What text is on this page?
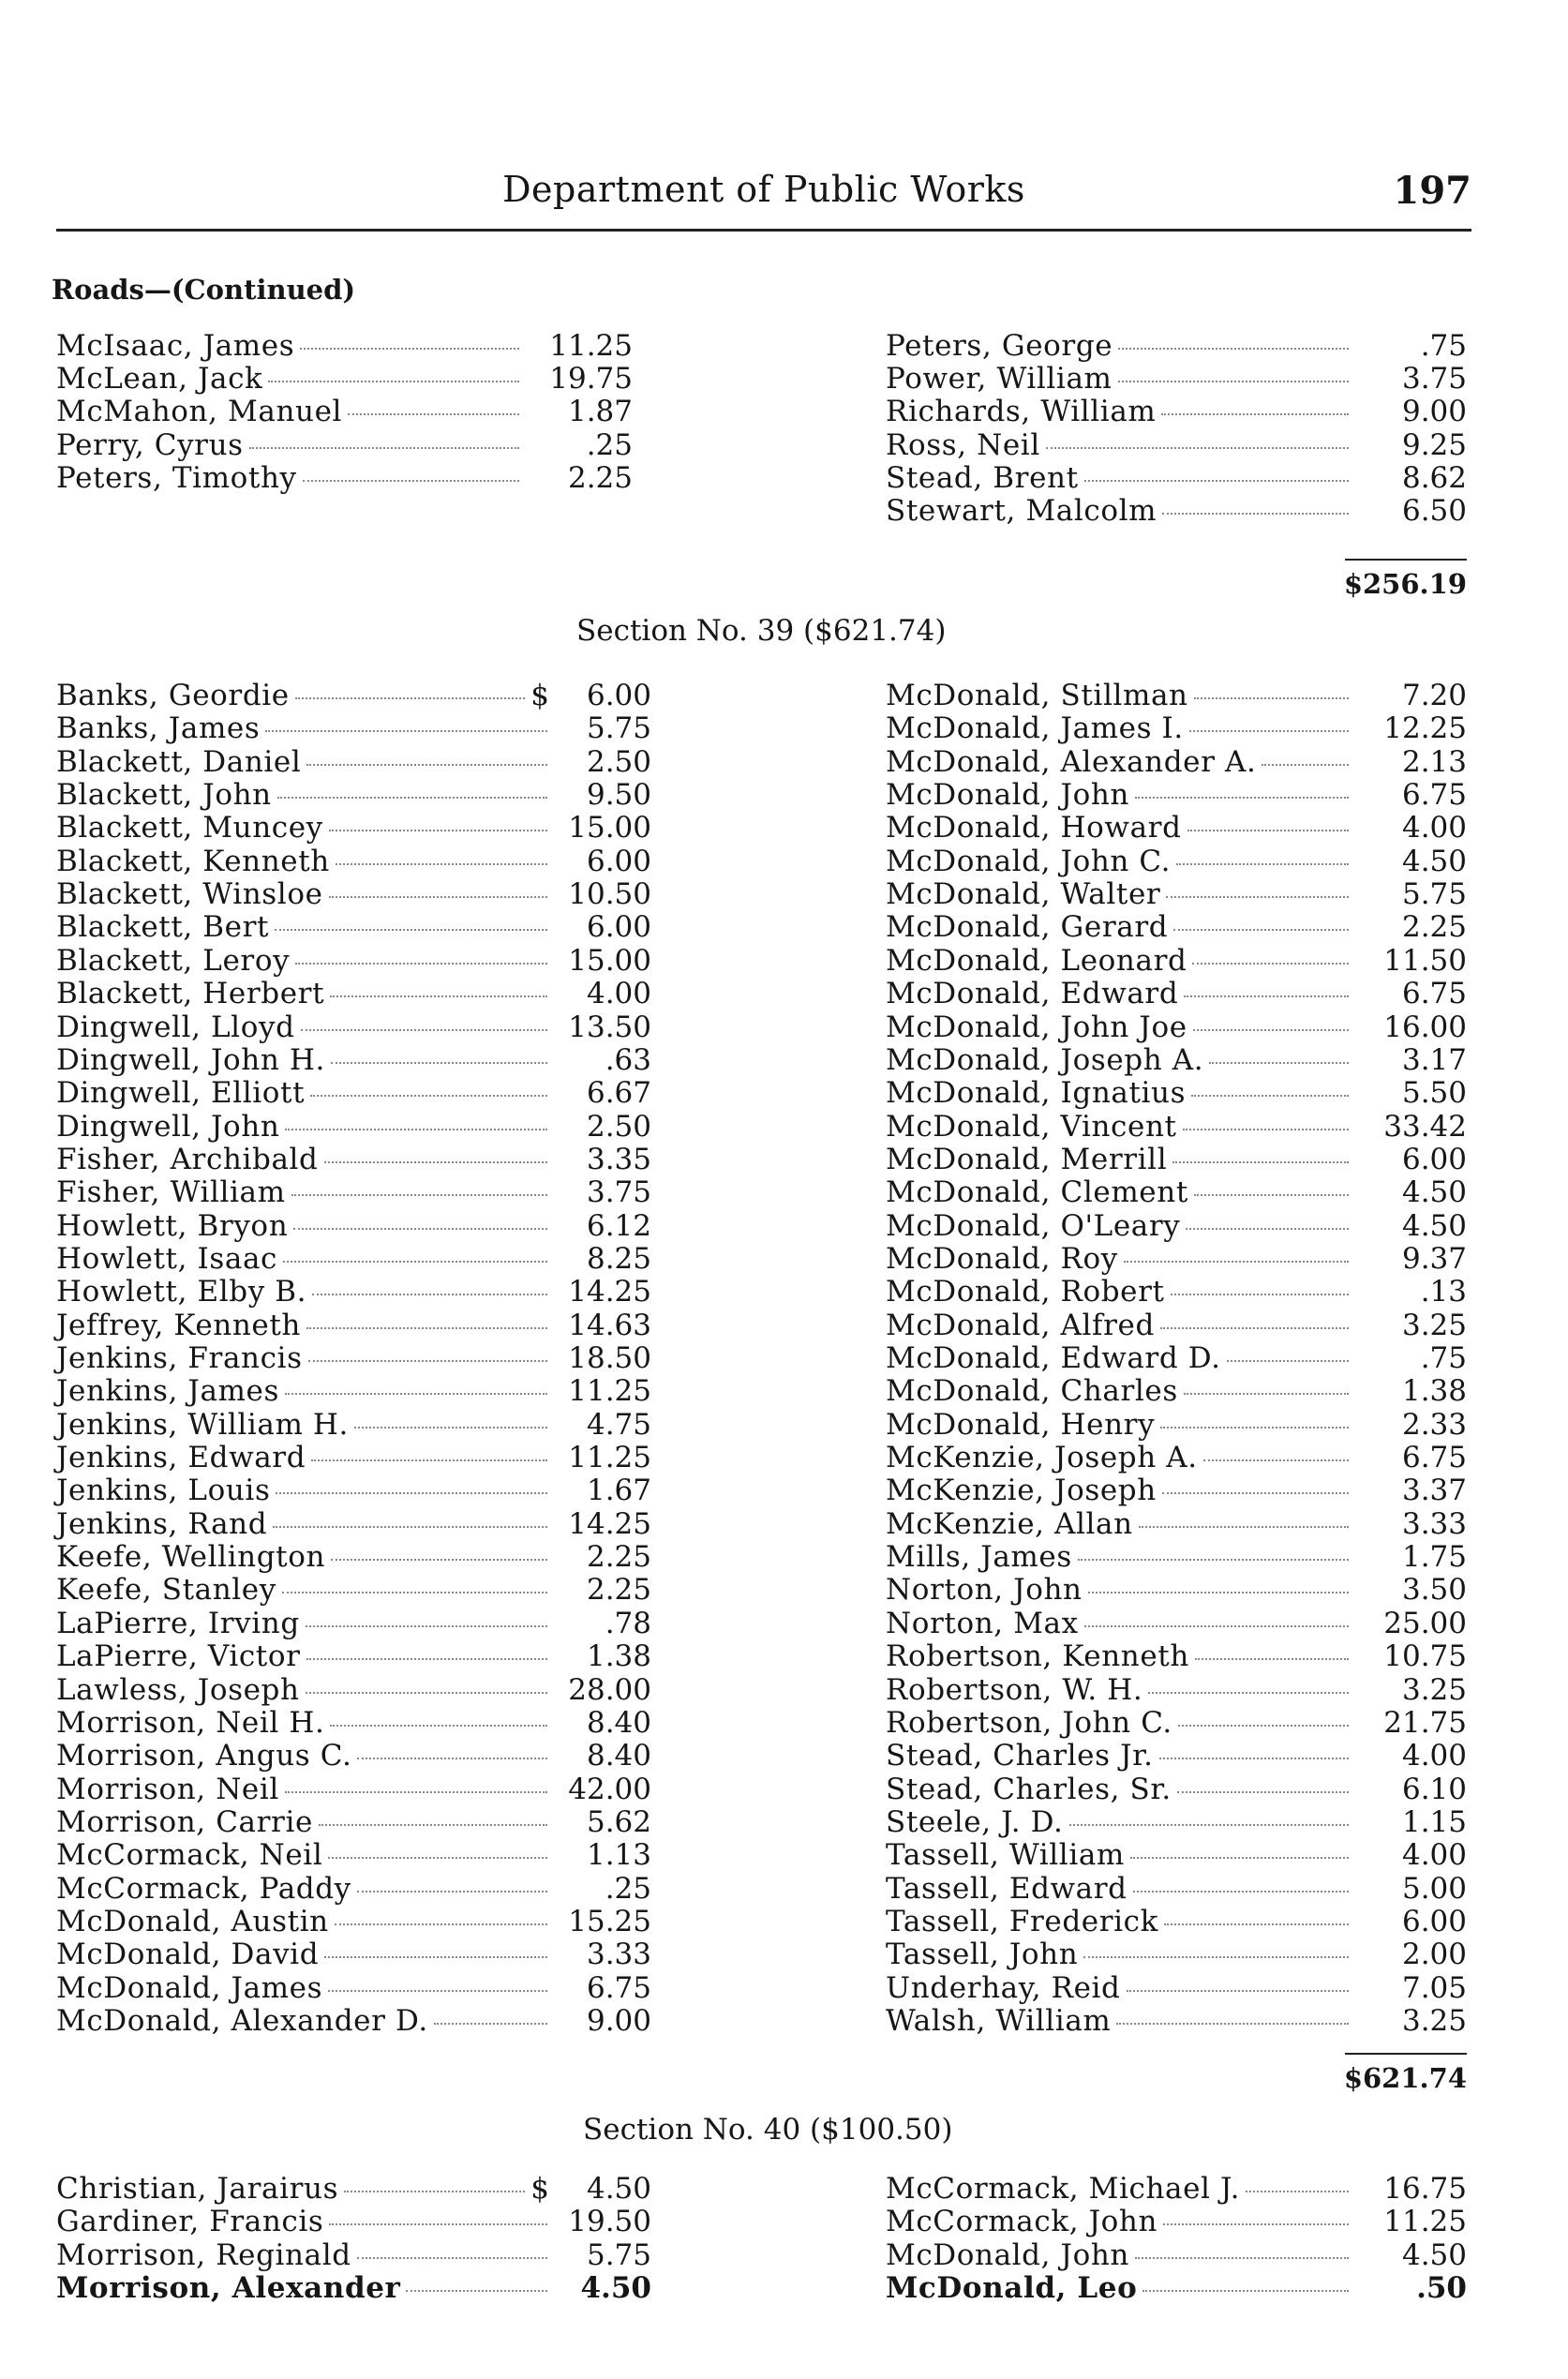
Department of Public Works	197
Roads—(Continued)
Section No. 39 ($621.74)
Section No. 40 ($100.50)
McIsaac, James	11.25
McLean, Jack	19.75
McMahon, Manuel	1.87
Perry, Cyrus	.25
Peters, Timothy	2.25
Peters, George	.75
Power, William	3.75
Richards, William	9.00
Ross, Neil	9.25
Stead, Brent	8.62
Stewart, Malcolm	6.50
Banks, Geordie	$	6.00
Banks, James	5.75
Blackett, Daniel	2.50
Blackett, John	9.50
Blackett, Muncey	15.00
Blackett, Kenneth	6.00
Blackett, Winsloe	10.50
Blackett, Bert	6.00
Blackett, Leroy	15.00
Blackett, Herbert	4.00
Dingwell, Lloyd	13.50
Dingwell, John H.	.63
Dingwell, Elliott	6.67
Dingwell, John	2.50
Fisher, Archibald	3.35
Fisher, William	3.75
Howlett, Bryon	6.12
Howlett, Isaac	8.25
Howlett, Elby B.	14.25
Jeffrey, Kenneth	14.63
Jenkins, Francis	18.50
Jenkins, James	11.25
Jenkins, William H.	4.75
Jenkins, Edward	11.25
Jenkins, Louis	1.67
Jenkins, Rand	14.25
Keefe, Wellington	2.25
Keefe, Stanley	2.25
LaPierre, Irving	.78
LaPierre, Victor	1.38
Lawless, Joseph	28.00
Morrison, Neil H.	8.40
Morrison, Angus C.	8.40
Morrison, Neil	42.00
Morrison, Carrie	5.62
McCormack, Neil	1.13
McCormack, Paddy	.25
McDonald, Austin	15.25
McDonald, David	3.33
McDonald, James	6.75
McDonald, Alexander D.	9.00
McDonald, Stillman	7.20
McDonald, James I.	12.25
McDonald, Alexander A.	2.13
McDonald, John	6.75
McDonald, Howard	4.00
McDonald, John C.	4.50
McDonald, Walter	5.75
McDonald, Gerard	2.25
McDonald, Leonard	11.50
McDonald, Edward	6.75
McDonald, John Joe	16.00
McDonald, Joseph A.	3.17
McDonald, Ignatius	5.50
McDonald, Vincent	33.42
McDonald, Merrill	6.00
McDonald, Clement	4.50
McDonald, O'Leary	4.50
McDonald, Roy	9.37
McDonald, Robert	.13
McDonald, Alfred	3.25
McDonald, Edward D.	.75
McDonald, Charles	1.38
McDonald, Henry	2.33
McKenzie, Joseph A.	6.75
McKenzie, Joseph	3.37
McKenzie, Allan	3.33
Mills, James	1.75
Norton, John	3.50
Norton, Max	25.00
Robertson, Kenneth	10.75
Robertson, W. H.	3.25
Robertson, John C.	21.75
Stead, Charles Jr.	4.00
Stead, Charles, Sr.	6.10
Steele, J. D.	1.15
Tassell, William	4.00
Tassell, Edward	5.00
Tassell, Frederick	6.00
Tassell, John	2.00
Underhay, Reid	7.05
Walsh, William	3.25
Christian, Jarairus	$	4.50
Gardiner, Francis	19.50
Morrison, Reginald	5.75
Morrison, Alexander	4.50
McCormack, Michael J.	16.75
McCormack, John	11.25
McDonald, John	4.50
McDonald, Leo	.50
$256.19
$621.74
